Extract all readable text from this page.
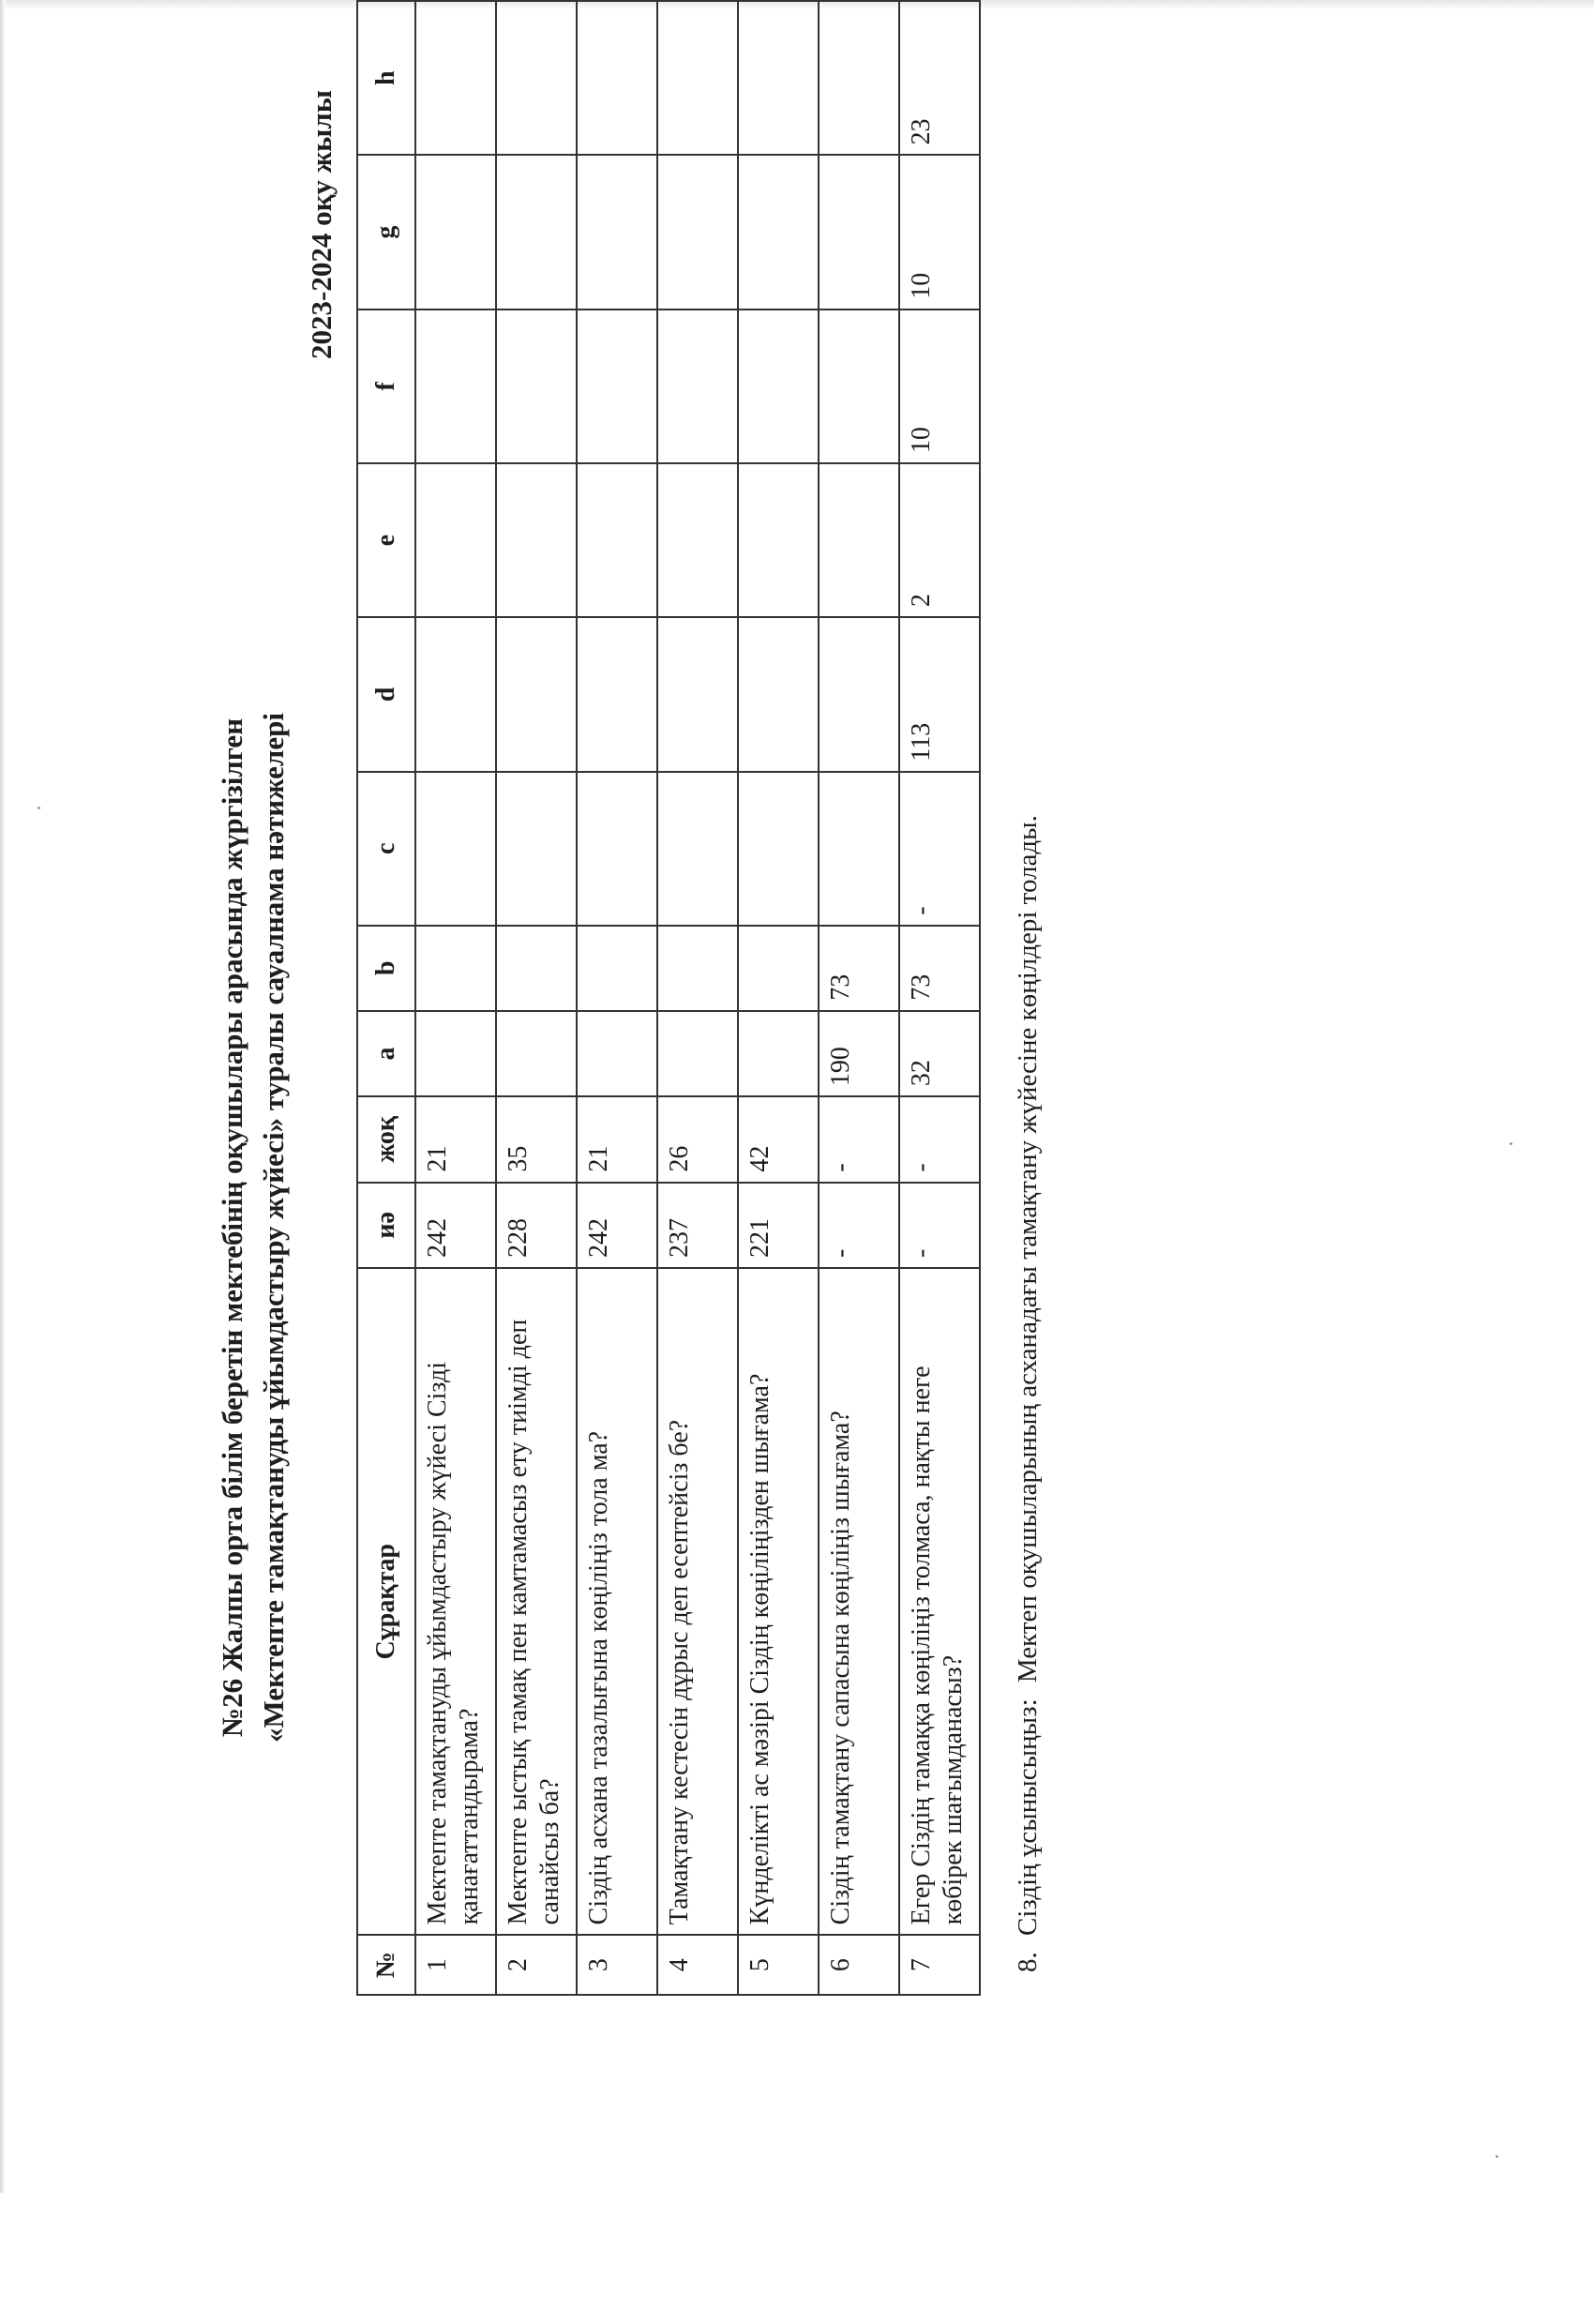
№26 Жалпы орта білім беретін мектебінің оқушылары арасында жүргізілген «Мектепте тамақтануды ұйымдастыру жүйесі» туралы сауалнама нәтижелері
2023-2024 оқу жылы
№	Сұрақтар	иә	жоқ	a	b	c	d	e	f	g	h
1	Мектепте тамақтануды ұйымдастыру жүйесі Сізді қанағаттандырама?	242	21								
2	Мектепте ыстық тамақ пен камтамасыз ету тиімді деп санайсыз ба?	228	35								
3	Сіздің асхана тазалығына көңіліңіз тола ма?	242	21								
4	Тамақтану кестесін дұрыс деп есептейсіз бе?	237	26								
5	Күнделікті ас мәзірі Сіздің көңіліңізден шығама?	221	42								
6	Сіздің тамақтану сапасына көңіліңіз шығама?	-	-	190	73						
7	Егер Сіздің тамаққа көңіліңіз толмаса, нақты неге көбірек шағымданасыз?	-	-	32	73	-	113	2	10	10	23
8. Сіздің ұсынысыңыз: Мектеп оқушыларының асханадағы тамақтану жүйесіне көңілдері толады.
